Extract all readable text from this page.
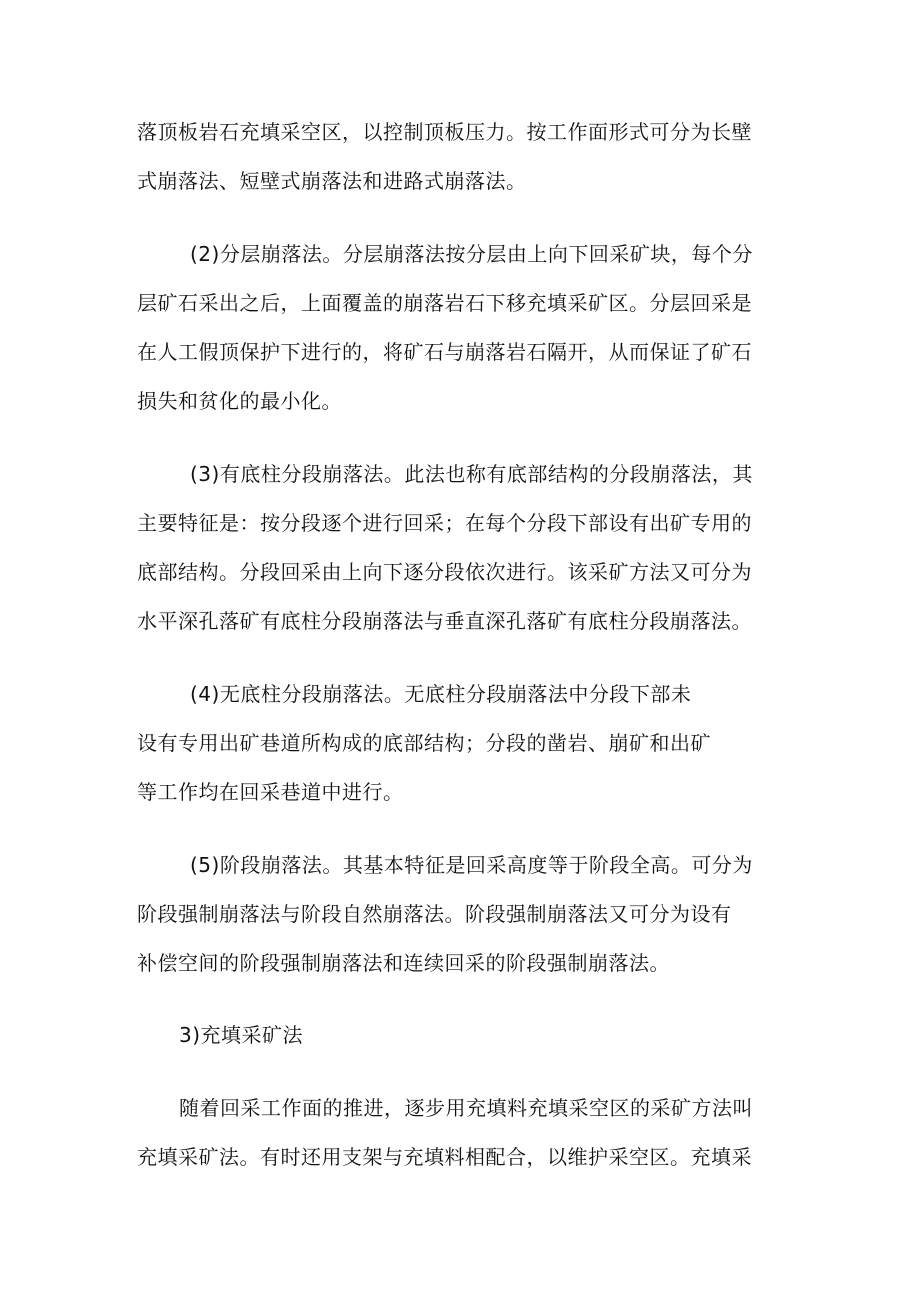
落顶板岩石充填采空区，以控制顶板压力。按工作面形式可分为长壁
式崩落法、短壁式崩落法和进路式崩落法。
(2)分层崩落法。分层崩落法按分层由上向下回采矿块，每个分
层矿石采出之后，上面覆盖的崩落岩石下移充填采矿区。分层回采是
在人工假顶保护下进行的，将矿石与崩落岩石隔开，从而保证了矿石
损失和贫化的最小化。
(3)有底柱分段崩落法。此法也称有底部结构的分段崩落法，其
主要特征是：按分段逐个进行回采；在每个分段下部设有出矿专用的
底部结构。分段回采由上向下逐分段依次进行。该采矿方法又可分为
水平深孔落矿有底柱分段崩落法与垂直深孔落矿有底柱分段崩落法。
(4)无底柱分段崩落法。无底柱分段崩落法中分段下部未
设有专用出矿巷道所构成的底部结构；分段的凿岩、崩矿和出矿
等工作均在回采巷道中进行。
(5)阶段崩落法。其基本特征是回采高度等于阶段全高。可分为
阶段强制崩落法与阶段自然崩落法。阶段强制崩落法又可分为设有
补偿空间的阶段强制崩落法和连续回采的阶段强制崩落法。
3)充填采矿法
随着回采工作面的推进，逐步用充填料充填采空区的采矿方法叫
充填采矿法。有时还用支架与充填料相配合，以维护采空区。充填采
